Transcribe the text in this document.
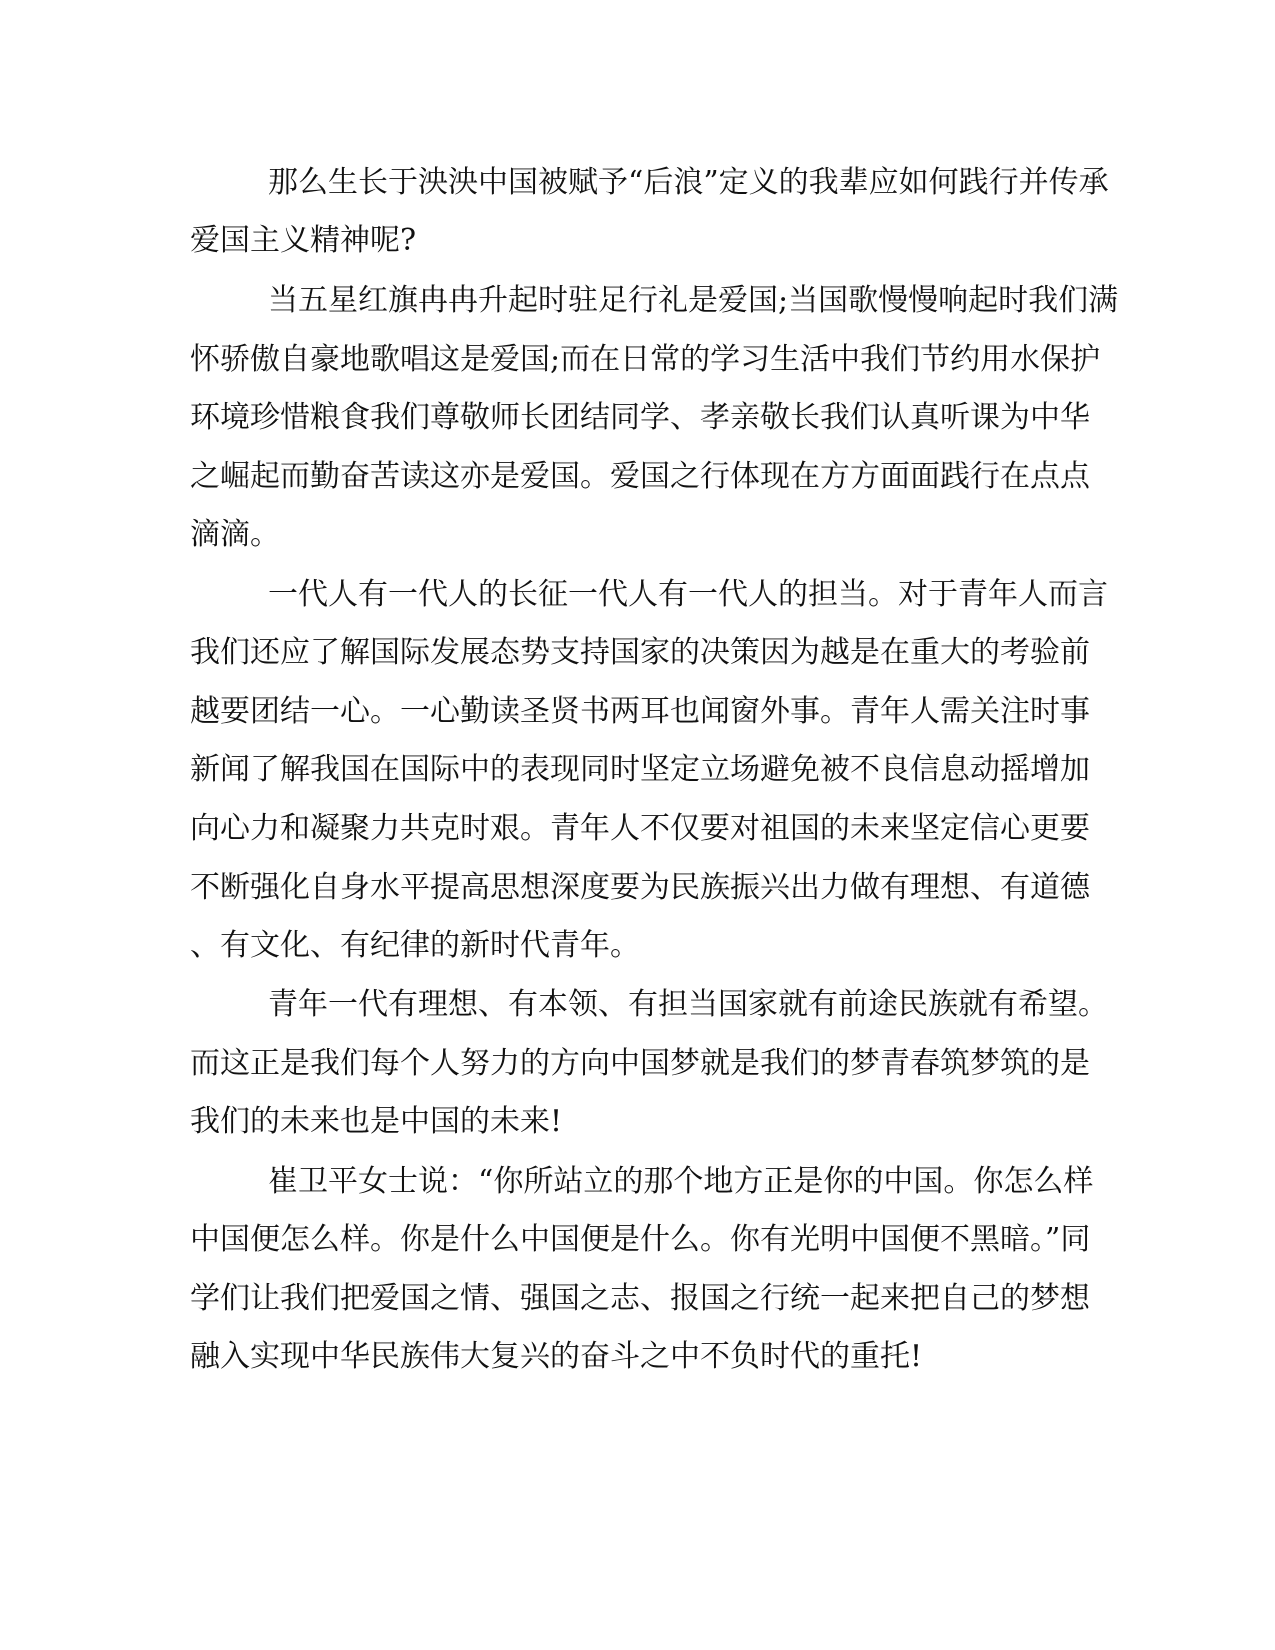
那么生长于泱泱中国被赋予“后浪”定义的我辈应如何践行并传承

爱国主义精神呢?

当五星红旗冉冉升起时驻足行礼是爱国;当国歌慢慢响起时我们满

怀骄傲自豪地歌唱这是爱国;而在日常的学习生活中我们节约用水保护

环境珍惜粮食我们尊敬师长团结同学、孝亲敬长我们认真听课为中华

之崛起而勤奋苦读这亦是爱国。爱国之行体现在方方面面践行在点点

滴滴。

一代人有一代人的长征一代人有一代人的担当。对于青年人而言

我们还应了解国际发展态势支持国家的决策因为越是在重大的考验前

越要团结一心。一心勤读圣贤书两耳也闻窗外事。青年人需关注时事

新闻了解我国在国际中的表现同时坚定立场避免被不良信息动摇增加

向心力和凝聚力共克时艰。青年人不仅要对祖国的未来坚定信心更要

不断强化自身水平提高思想深度要为民族振兴出力做有理想、有道德

、有文化、有纪律的新时代青年。

青年一代有理想、有本领、有担当国家就有前途民族就有希望。

而这正是我们每个人努力的方向中国梦就是我们的梦青春筑梦筑的是

我们的未来也是中国的未来!

崔卫平女士说：“你所站立的那个地方正是你的中国。你怎么样

中国便怎么样。你是什么中国便是什么。你有光明中国便不黑暗。”同

学们让我们把爱国之情、强国之志、报国之行统一起来把自己的梦想

融入实现中华民族伟大复兴的奋斗之中不负时代的重托!
